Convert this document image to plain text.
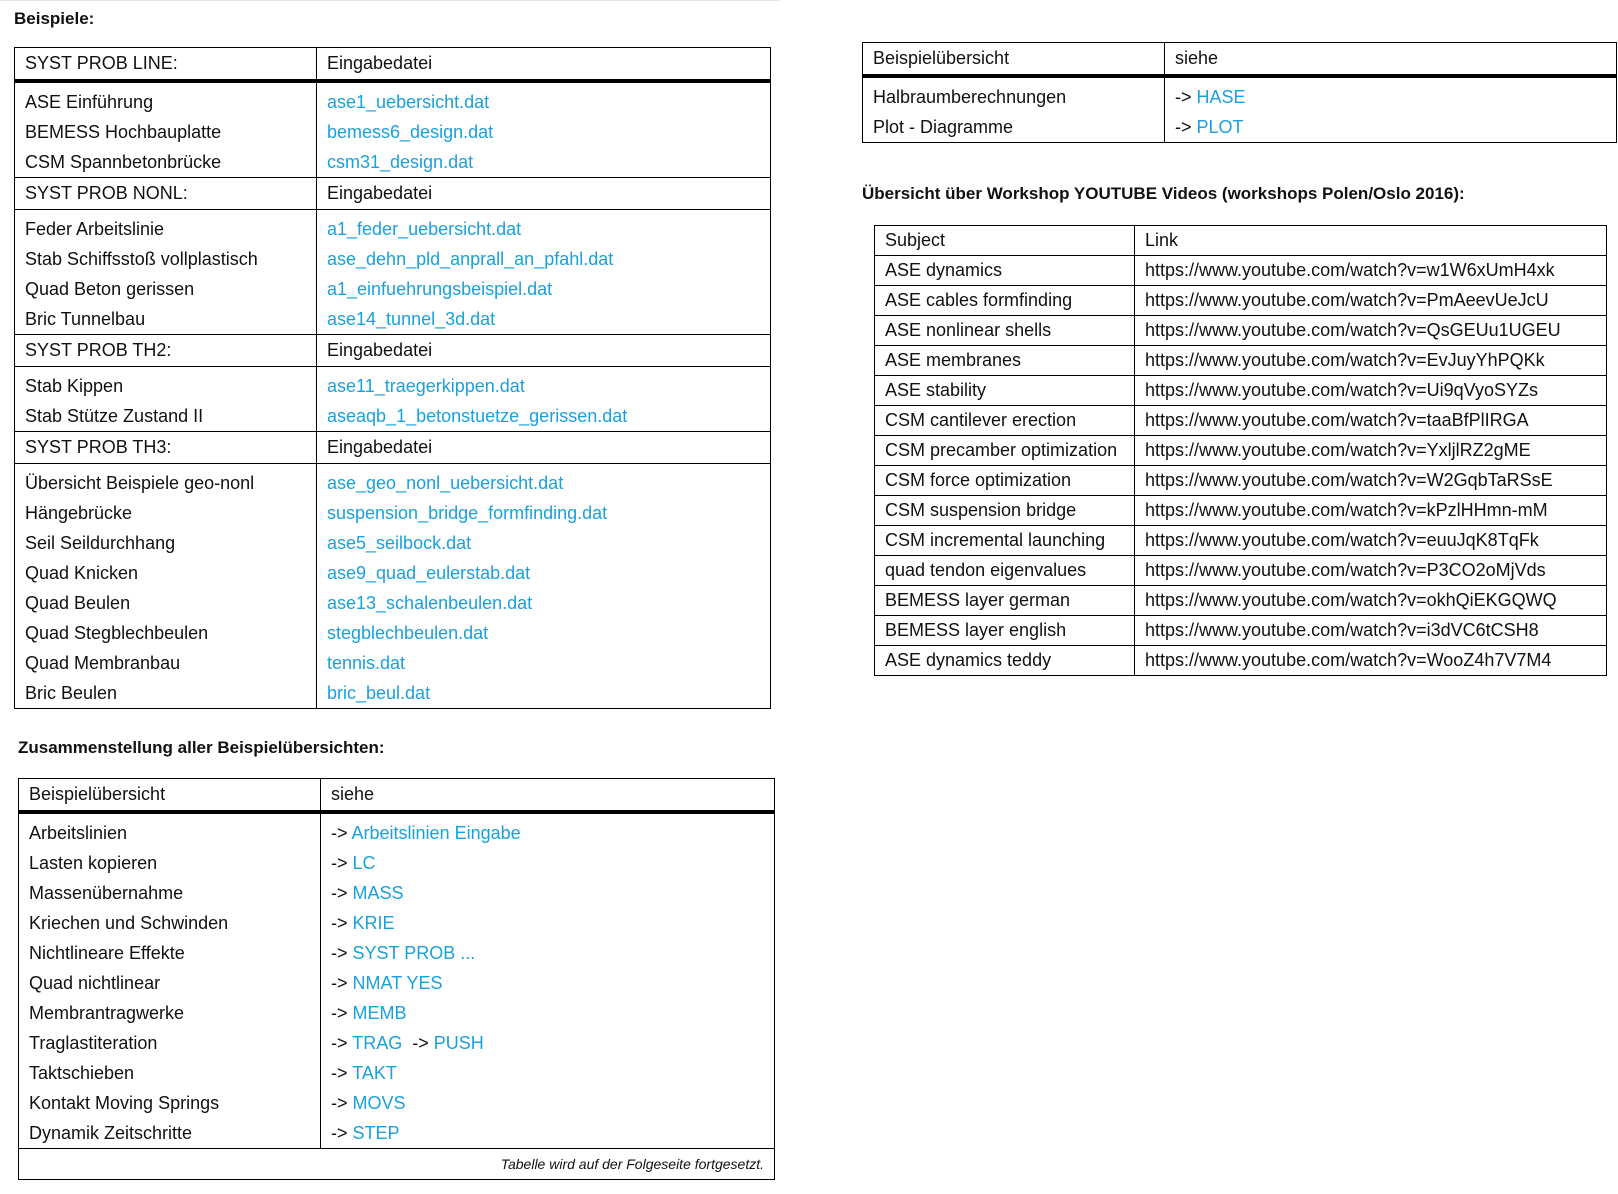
Beispiele:
SYST PROB LINE:	Eingabedatei
ASE Einführung	ase1_uebersicht.dat
BEMESS Hochbauplatte	bemess6_design.dat
CSM Spannbetonbrücke	csm31_design.dat
SYST PROB NONL:	Eingabedatei
Feder Arbeitslinie	a1_feder_uebersicht.dat
Stab Schiffsstoß vollplastisch	ase_dehn_pld_anprall_an_pfahl.dat
Quad Beton gerissen	a1_einfuehrungsbeispiel.dat
Bric Tunnelbau	ase14_tunnel_3d.dat
SYST PROB TH2:	Eingabedatei
Stab Kippen	ase11_traegerkippen.dat
Stab Stütze Zustand II	aseaqb_1_betonstuetze_gerissen.dat
SYST PROB TH3:	Eingabedatei
Übersicht Beispiele geo-nonl	ase_geo_nonl_uebersicht.dat
Hängebrücke	suspension_bridge_formfinding.dat
Seil Seildurchhang	ase5_seilbock.dat
Quad Knicken	ase9_quad_eulerstab.dat
Quad Beulen	ase13_schalenbeulen.dat
Quad Stegblechbeulen	stegblechbeulen.dat
Quad Membranbau	tennis.dat
Bric Beulen	bric_beul.dat
Beispielübersicht	siehe
Halbraumberechnungen	-> HASE
Plot - Diagramme	-> PLOT
Übersicht über Workshop YOUTUBE Videos (workshops Polen/Oslo 2016):
Subject	Link
ASE dynamics	https://www.youtube.com/watch?v=w1W6xUmH4xk
ASE cables formfinding	https://www.youtube.com/watch?v=PmAeevUeJcU
ASE nonlinear shells	https://www.youtube.com/watch?v=QsGEUu1UGEU
ASE membranes	https://www.youtube.com/watch?v=EvJuyYhPQKk
ASE stability	https://www.youtube.com/watch?v=Ui9qVyoSYZs
CSM cantilever erection	https://www.youtube.com/watch?v=taaBfPlIRGA
CSM precamber optimization	https://www.youtube.com/watch?v=YxljlRZ2gME
CSM force optimization	https://www.youtube.com/watch?v=W2GqbTaRSsE
CSM suspension bridge	https://www.youtube.com/watch?v=kPzlHHmn-mM
CSM incremental launching	https://www.youtube.com/watch?v=euuJqK8TqFk
quad tendon eigenvalues	https://www.youtube.com/watch?v=P3CO2oMjVds
BEMESS layer german	https://www.youtube.com/watch?v=okhQiEKGQWQ
BEMESS layer english	https://www.youtube.com/watch?v=i3dVC6tCSH8
ASE dynamics teddy	https://www.youtube.com/watch?v=WooZ4h7V7M4
Zusammenstellung aller Beispielübersichten:
Beispielübersicht	siehe
Arbeitslinien	-> Arbeitslinien Eingabe
Lasten kopieren	-> LC
Massenübernahme	-> MASS
Kriechen und Schwinden	-> KRIE
Nichtlineare Effekte	-> SYST PROB ...
Quad nichtlinear	-> NMAT YES
Membrantragwerke	-> MEMB
Traglastiteration	-> TRAG -> PUSH
Taktschieben	-> TAKT
Kontakt Moving Springs	-> MOVS
Dynamik Zeitschritte	-> STEP
Tabelle wird auf der Folgeseite fortgesetzt.	
